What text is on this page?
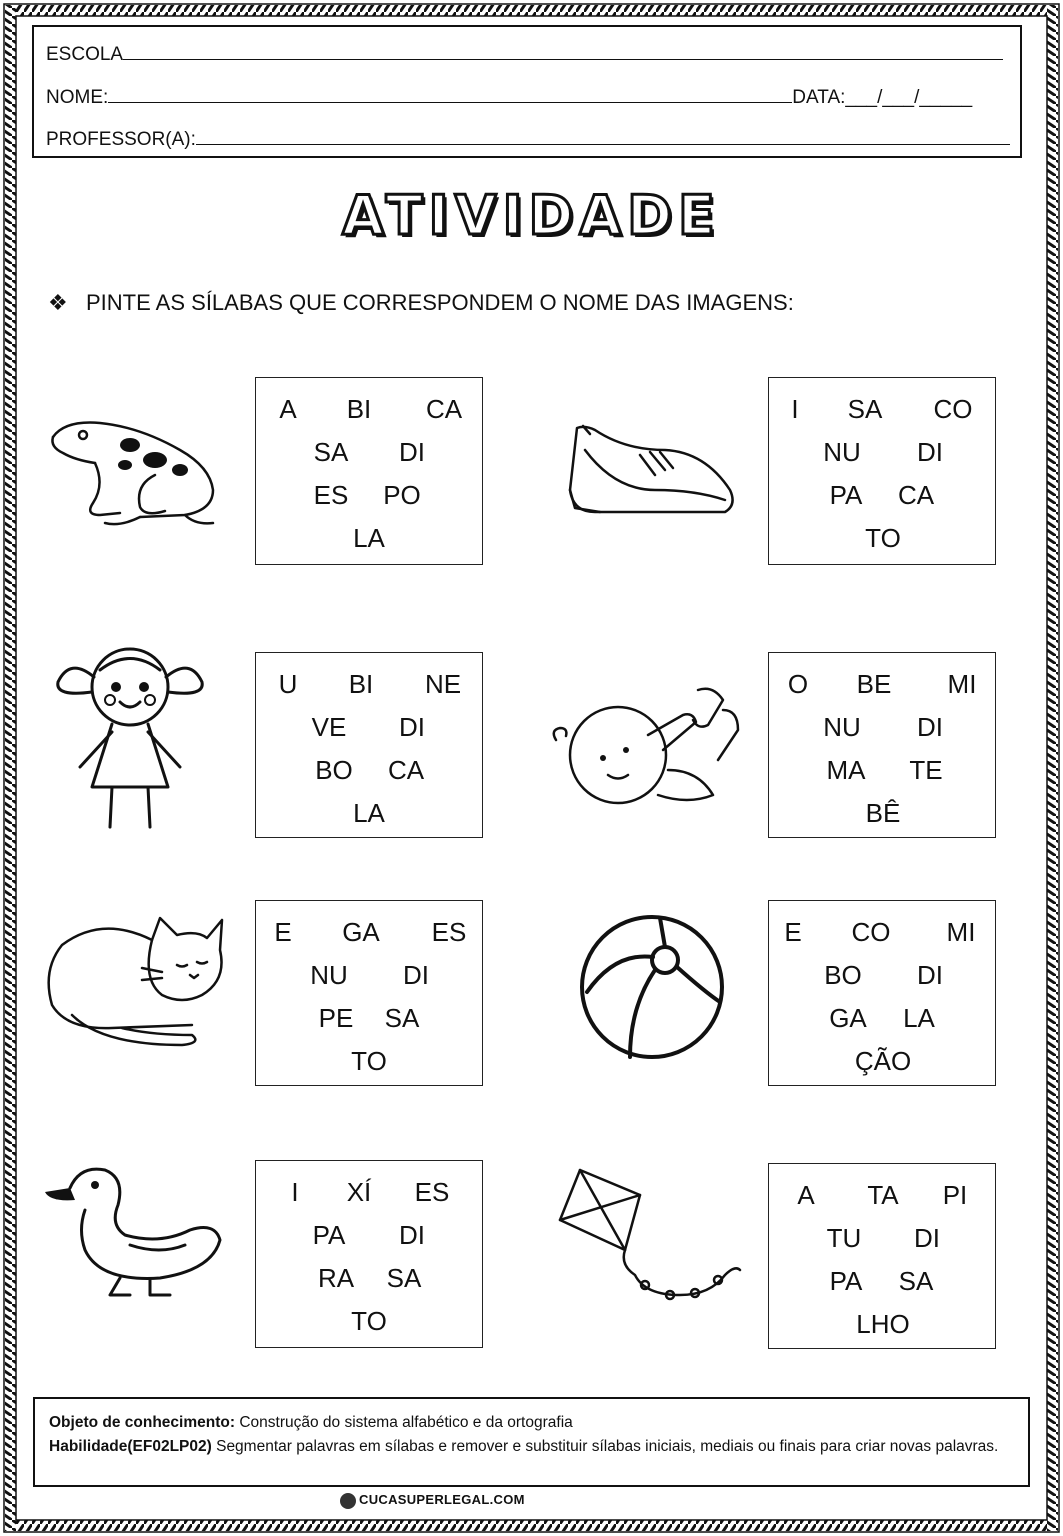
ESCOLA
NOME:	DATA:___/___/_____
PROFESSOR(A):
ATIVIDADE
❖ PINTE AS SÍLABAS QUE CORRESPONDEM O NOME DAS IMAGENS:
A BI CA
SA DI
ES PO
LA
I SA CO
NU DI
PA CA
TO
U BI NE
VE DI
BO CA
LA
O BE MI
NU DI
MA TE
BÊ
E GA ES
NU DI
PE SA
TO
E CO MI
BO DI
GA LA
ÇÃO
I XÍ ES
PA DI
RA SA
TO
A TA PI
TU DI
PA SA
LHO
Objeto de conhecimento: Construção do sistema alfabético e da ortografia
Habilidade(EF02LP02) Segmentar palavras em sílabas e remover e substituir sílabas iniciais, mediais ou finais para criar novas palavras.
CUCASUPERLEGAL.COM
